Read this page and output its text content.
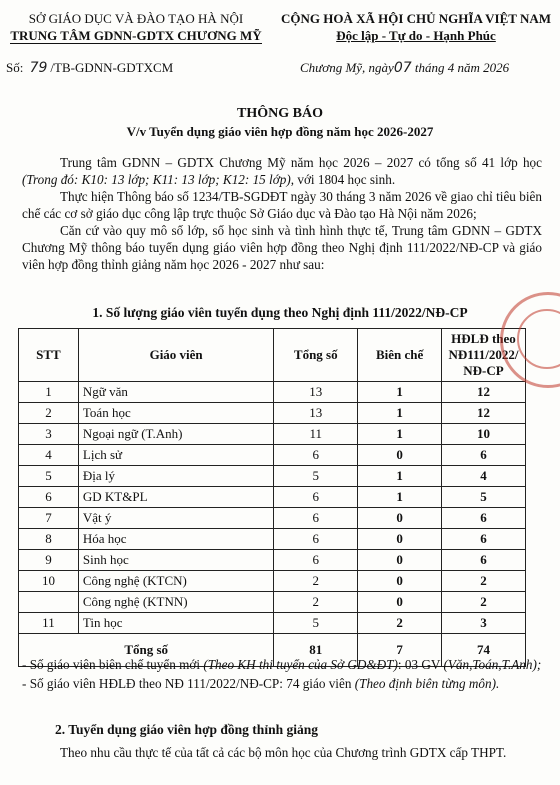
SỞ GIÁO DỤC VÀ ĐÀO TẠO HÀ NỘI
TRUNG TÂM GDNN-GDTX CHƯƠNG MỸ
CỘNG HOÀ XÃ HỘI CHỦ NGHĨA VIỆT NAM
Độc lập - Tự do - Hạnh Phúc
Số: 79 /TB-GDNN-GDTXCM	Chương Mỹ, ngày07 tháng 4 năm 2026
THÔNG BÁO
V/v Tuyển dụng giáo viên hợp đồng năm học 2026-2027

Trung tâm GDNN – GDTX Chương Mỹ năm học 2026 – 2027 có tổng số 41 lớp học (Trong đó: K10: 13 lớp; K11: 13 lớp; K12: 15 lớp), với 1804 học sinh.

Thực hiện Thông báo số 1234/TB-SGDĐT ngày 30 tháng 3 năm 2026 về giao chỉ tiêu biên chế các cơ sở giáo dục công lập trực thuộc Sở Giáo dục và Đào tạo Hà Nội năm 2026;

Căn cứ vào quy mô số lớp, số học sinh và tình hình thực tế, Trung tâm GDNN – GDTX Chương Mỹ thông báo tuyển dụng giáo viên hợp đồng theo Nghị định 111/2022/NĐ-CP và giáo viên hợp đồng thỉnh giảng năm học 2026 - 2027 như sau:

1. Số lượng giáo viên tuyển dụng theo Nghị định 111/2022/NĐ-CP
STT	Giáo viên	Tổng số	Biên chế	HĐLĐ theo NĐ111/2022/ NĐ-CP
1	Ngữ văn	13	1	12
2	Toán học	13	1	12
3	Ngoại ngữ (T.Anh)	11	1	10
4	Lịch sử	6	0	6
5	Địa lý	5	1	4
6	GD KT&PL	6	1	5
7	Vật ý	6	0	6
8	Hóa học	6	0	6
9	Sinh học	6	0	6
10	Công nghệ (KTCN)	2	0	2
	Công nghệ (KTNN)	2	0	2
11	Tin học	5	2	3
Tổng số		81	7	74

- Số giáo viên biên chế tuyển mới (Theo KH thi tuyển của Sở GD&ĐT): 03 GV (Văn,Toán,T.Anh);

- Số giáo viên HĐLĐ theo NĐ 111/2022/NĐ-CP: 74 giáo viên (Theo định biên từng môn).

2. Tuyển dụng giáo viên hợp đồng thỉnh giảng

Theo nhu cầu thực tế của tất cả các bộ môn học của Chương trình GDTX cấp THPT.
